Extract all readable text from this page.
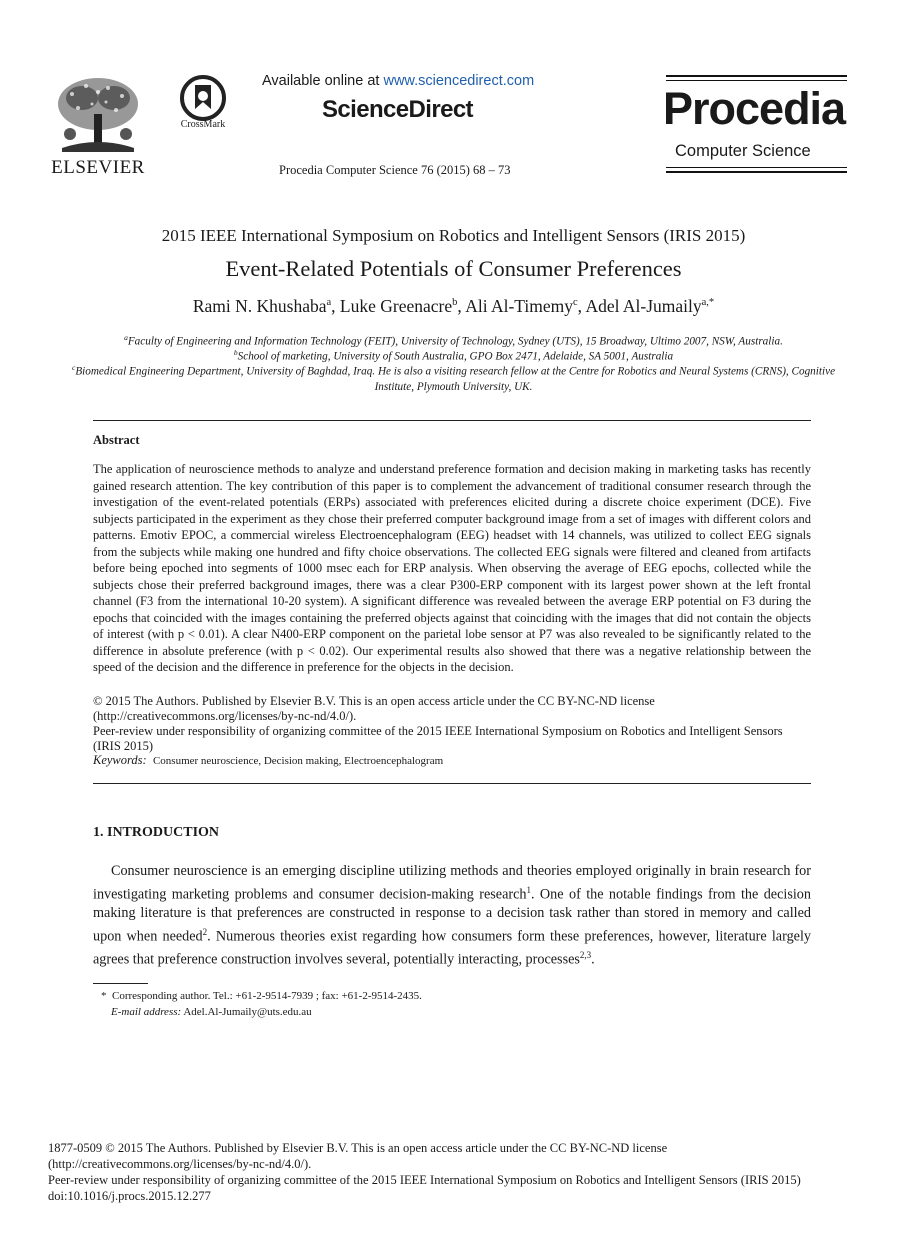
ELSEVIER
CrossMark
Available online at www.sciencedirect.com
ScienceDirect
Procedia Computer Science 76 (2015) 68 – 73
Procedia
Computer Science
2015 IEEE International Symposium on Robotics and Intelligent Sensors (IRIS 2015)
Event-Related Potentials of Consumer Preferences
Rami N. Khushaba$^a$, Luke Greenacre$^b$, Ali Al-Timemy$^c$, Adel Al-Jumaily$^{a,*}$
$^a$Faculty of Engineering and Information Technology (FEIT), University of Technology, Sydney (UTS), 15 Broadway, Ultimo 2007, NSW, Australia.
$^b$School of marketing, University of South Australia, GPO Box 2471, Adelaide, SA 5001, Australia
$^c$Biomedical Engineering Department, University of Baghdad, Iraq. He is also a visiting research fellow at the Centre for Robotics and Neural Systems (CRNS), Cognitive Institute, Plymouth University, UK.
Abstract
The application of neuroscience methods to analyze and understand preference formation and decision making in marketing tasks has recently gained research attention. The key contribution of this paper is to complement the advancement of traditional consumer research through the investigation of the event-related potentials (ERPs) associated with preferences elicited during a discrete choice experiment (DCE). Five subjects participated in the experiment as they chose their preferred computer background image from a set of images with different colors and patterns. Emotiv EPOC, a commercial wireless Electroencephalogram (EEG) headset with 14 channels, was utilized to collect EEG signals from the subjects while making one hundred and fifty choice observations. The collected EEG signals were filtered and cleaned from artifacts before being epoched into segments of 1000 msec each for ERP analysis. When observing the average of EEG epochs, collected while the subjects chose their preferred background images, there was a clear P300-ERP component with its largest power shown at the left frontal channel (F3 from the international 10-20 system). A significant difference was revealed between the average ERP potential on F3 during the epochs that coincided with the images containing the preferred objects against that coinciding with the images that did not contain the objects of interest (with p < 0.01). A clear N400-ERP component on the parietal lobe sensor at P7 was also revealed to be significantly related to the difference in absolute preference (with p < 0.02). Our experimental results also showed that there was a negative relationship between the speed of the decision and the difference in preference for the objects in the decision.
© 2015 The Authors. Published by Elsevier B.V. This is an open access article under the CC BY-NC-ND license (http://creativecommons.org/licenses/by-nc-nd/4.0/).
Peer-review under responsibility of organizing committee of the 2015 IEEE International Symposium on Robotics and Intelligent Sensors (IRIS 2015)
Keywords: Consumer neuroscience, Decision making, Electroencephalogram
1. INTRODUCTION
Consumer neuroscience is an emerging discipline utilizing methods and theories employed originally in brain research for investigating marketing problems and consumer decision-making research$^1$. One of the notable findings from the decision making literature is that preferences are constructed in response to a decision task rather than stored in memory and called upon when needed$^2$. Numerous theories exist regarding how consumers form these preferences, however, literature largely agrees that preference construction involves several, potentially interacting, processes$^{2,3}$.
* Corresponding author. Tel.: +61-2-9514-7939 ; fax: +61-2-9514-2435.
E-mail address: Adel.Al-Jumaily@uts.edu.au
1877-0509 © 2015 The Authors. Published by Elsevier B.V. This is an open access article under the CC BY-NC-ND license
(http://creativecommons.org/licenses/by-nc-nd/4.0/).
Peer-review under responsibility of organizing committee of the 2015 IEEE International Symposium on Robotics and Intelligent Sensors (IRIS 2015)
doi:10.1016/j.procs.2015.12.277
